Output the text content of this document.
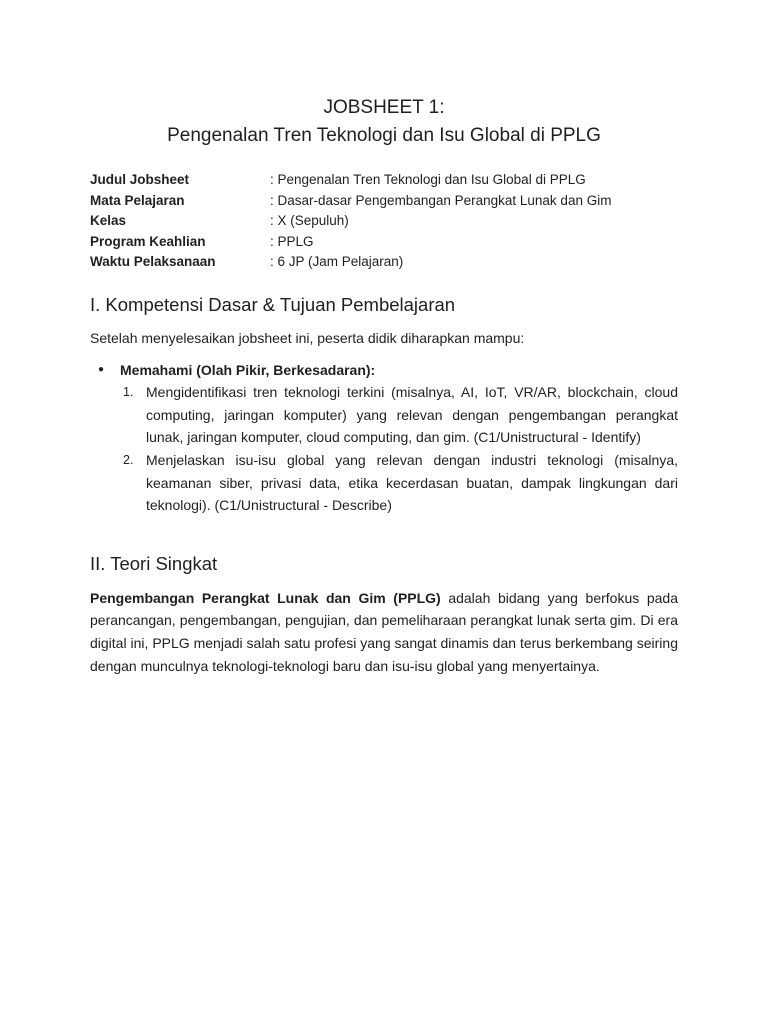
JOBSHEET 1:
Pengenalan Tren Teknologi dan Isu Global di PPLG
Judul Jobsheet	: Pengenalan Tren Teknologi dan Isu Global di PPLG
Mata Pelajaran	: Dasar-dasar Pengembangan Perangkat Lunak dan Gim
Kelas	: X (Sepuluh)
Program Keahlian	: PPLG
Waktu Pelaksanaan	: 6 JP (Jam Pelajaran)
I. Kompetensi Dasar & Tujuan Pembelajaran

Setelah menyelesaikan jobsheet ini, peserta didik diharapkan mampu:

●	Memahami (Olah Pikir, Berkesadaran):
1. Mengidentifikasi tren teknologi terkini (misalnya, AI, IoT, VR/AR, blockchain, cloud computing, jaringan komputer) yang relevan dengan pengembangan perangkat lunak, jaringan komputer, cloud computing, dan gim. (C1/Unistructural - Identify)
2. Menjelaskan isu-isu global yang relevan dengan industri teknologi (misalnya, keamanan siber, privasi data, etika kecerdasan buatan, dampak lingkungan dari teknologi). (C1/Unistructural - Describe)
II. Teori Singkat

Pengembangan Perangkat Lunak dan Gim (PPLG) adalah bidang yang berfokus pada perancangan, pengembangan, pengujian, dan pemeliharaan perangkat lunak serta gim. Di era digital ini, PPLG menjadi salah satu profesi yang sangat dinamis dan terus berkembang seiring dengan munculnya teknologi-teknologi baru dan isu-isu global yang menyertainya.
